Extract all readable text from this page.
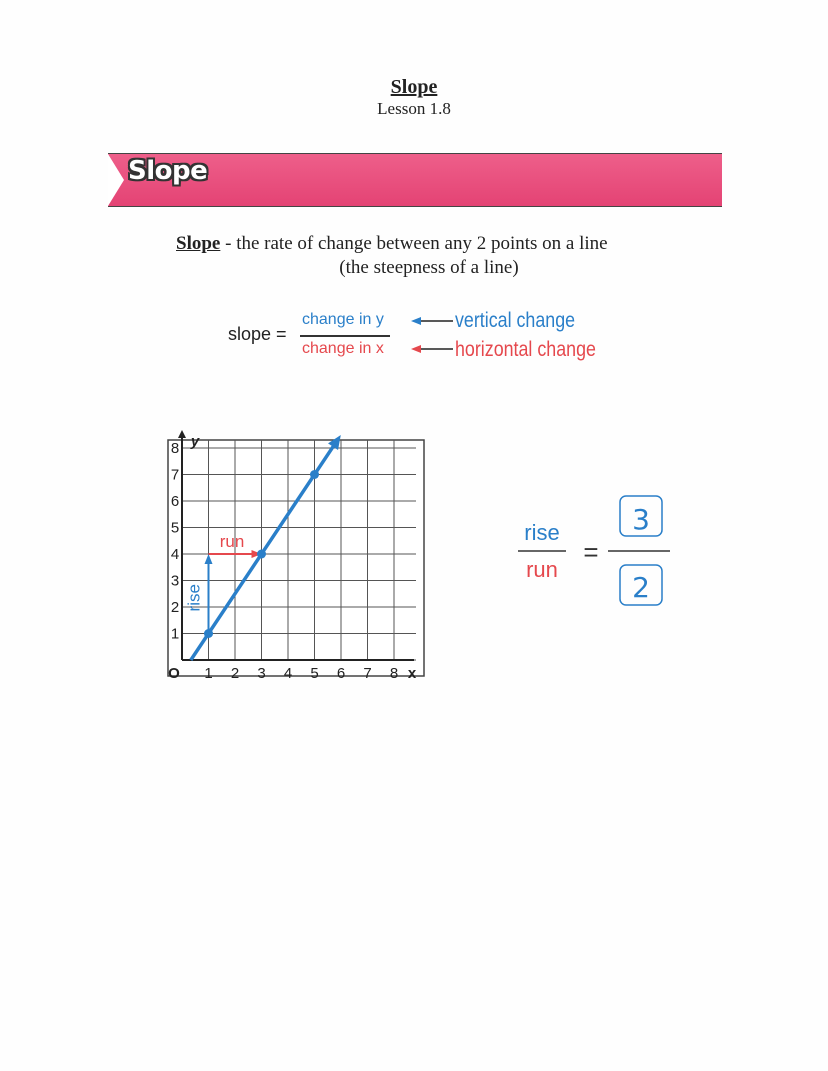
Slope
Lesson 1.8
Slope
Slope - the rate of change between any 2 points on a line
(the steepness of a line)
slope =
change in y
change in x
vertical change
horizontal change
1 2 3 4 5 6 7 8
1
2
3
4
5
6
7
8
x
y
O
run
rise
rise
run
=
3
2
